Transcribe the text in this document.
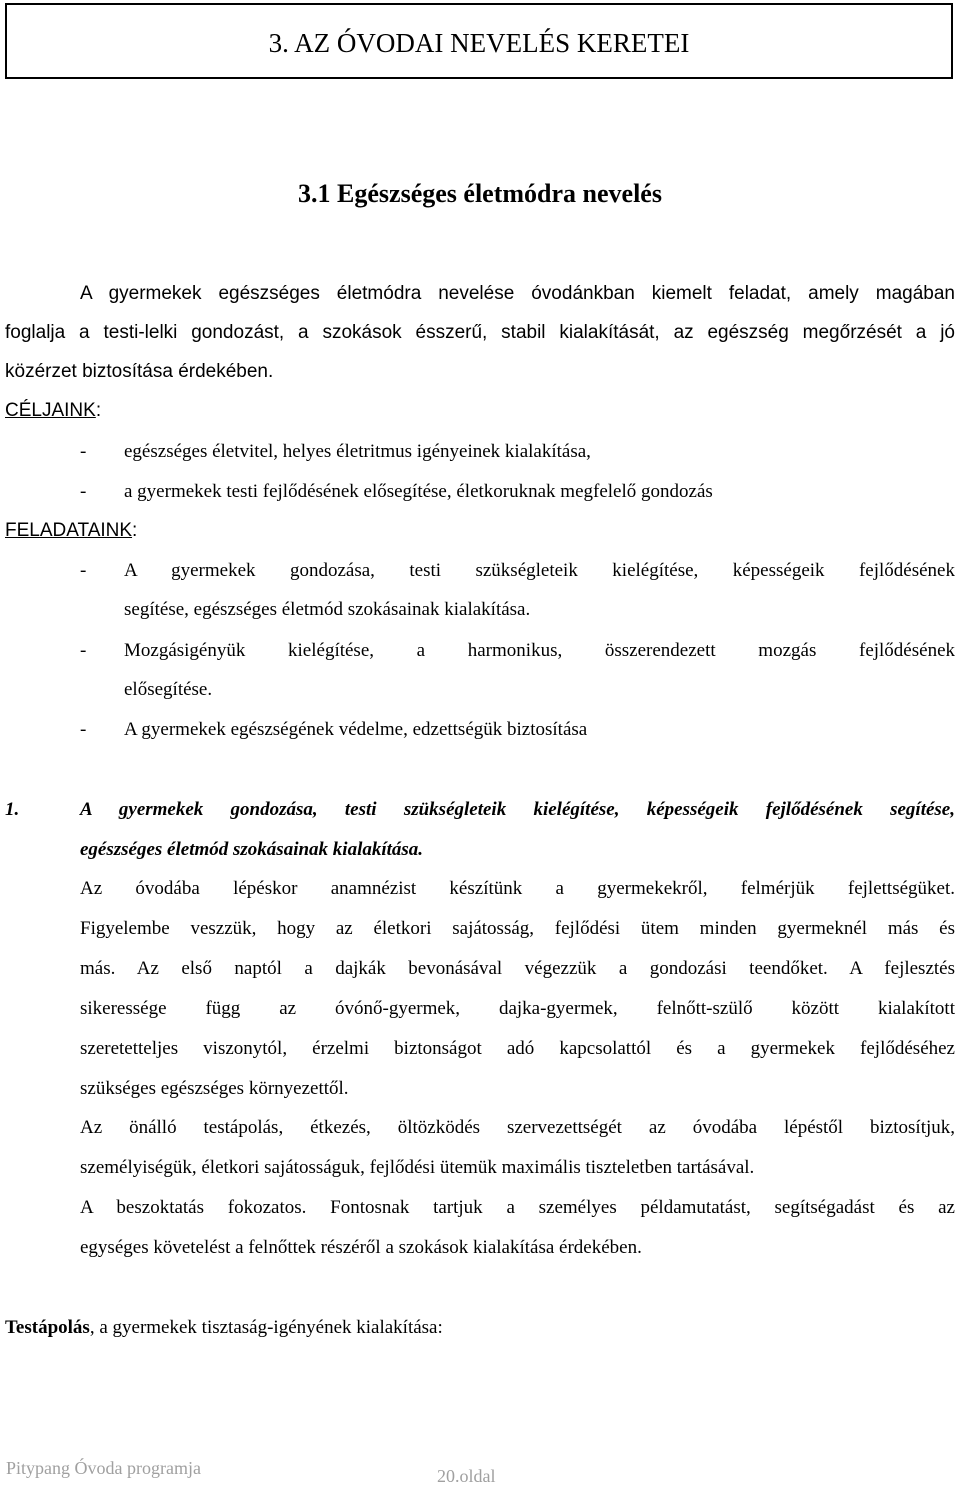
3. AZ ÓVODAI NEVELÉS KERETEI
3.1 Egészséges életmódra nevelés

A gyermekek egészséges életmódra nevelése óvodánkban kiemelt feladat, amely magában

foglalja a testi-lelki gondozást, a szokások ésszerű, stabil kialakítását, az egészség megőrzését a jó

közérzet biztosítása érdekében.

CÉLJAINK:

- egészséges életvitel, helyes életritmus igényeinek kialakítása,

- a gyermekek testi fejlődésének elősegítése, életkoruknak megfelelő gondozás

FELADATAINK:

- A gyermekek gondozása, testi szükségleteik kielégítése, képességeik fejlődésének

segítése, egészséges életmód szokásainak kialakítása.

- Mozgásigényük kielégítése, a harmonikus, összerendezett mozgás fejlődésének

elősegítése.

- A gyermekek egészségének védelme, edzettségük biztosítása

1.	A gyermekek gondozása, testi szükségleteik kielégítése, képességeik fejlődésének segítése,

egészséges életmód szokásainak kialakítása.

Az óvodába lépéskor anamnézist készítünk a gyermekekről, felmérjük fejlettségüket.

Figyelembe veszzük, hogy az életkori sajátosság, fejlődési ütem minden gyermeknél más és

más. Az első naptól a dajkák bevonásával végezzük a gondozási teendőket. A fejlesztés

sikeressége függ az óvónő-gyermek, dajka-gyermek, felnőtt-szülő között kialakított

szeretetteljes viszonytól, érzelmi biztonságot adó kapcsolattól és a gyermekek fejlődéséhez

szükséges egészséges környezettől.

Az önálló testápolás, étkezés, öltözködés szervezettségét az óvodába lépéstől biztosítjuk,

személyiségük, életkori sajátosságuk, fejlődési ütemük maximális tiszteletben tartásával.

A beszoktatás fokozatos. Fontosnak tartjuk a személyes példamutatást, segítségadást és az

egységes követelést a felnőttek részéről a szokások kialakítása érdekében.

Testápolás, a gyermekek tisztaság-igényének kialakítása:

Pitypang Óvoda programja	20.oldal
